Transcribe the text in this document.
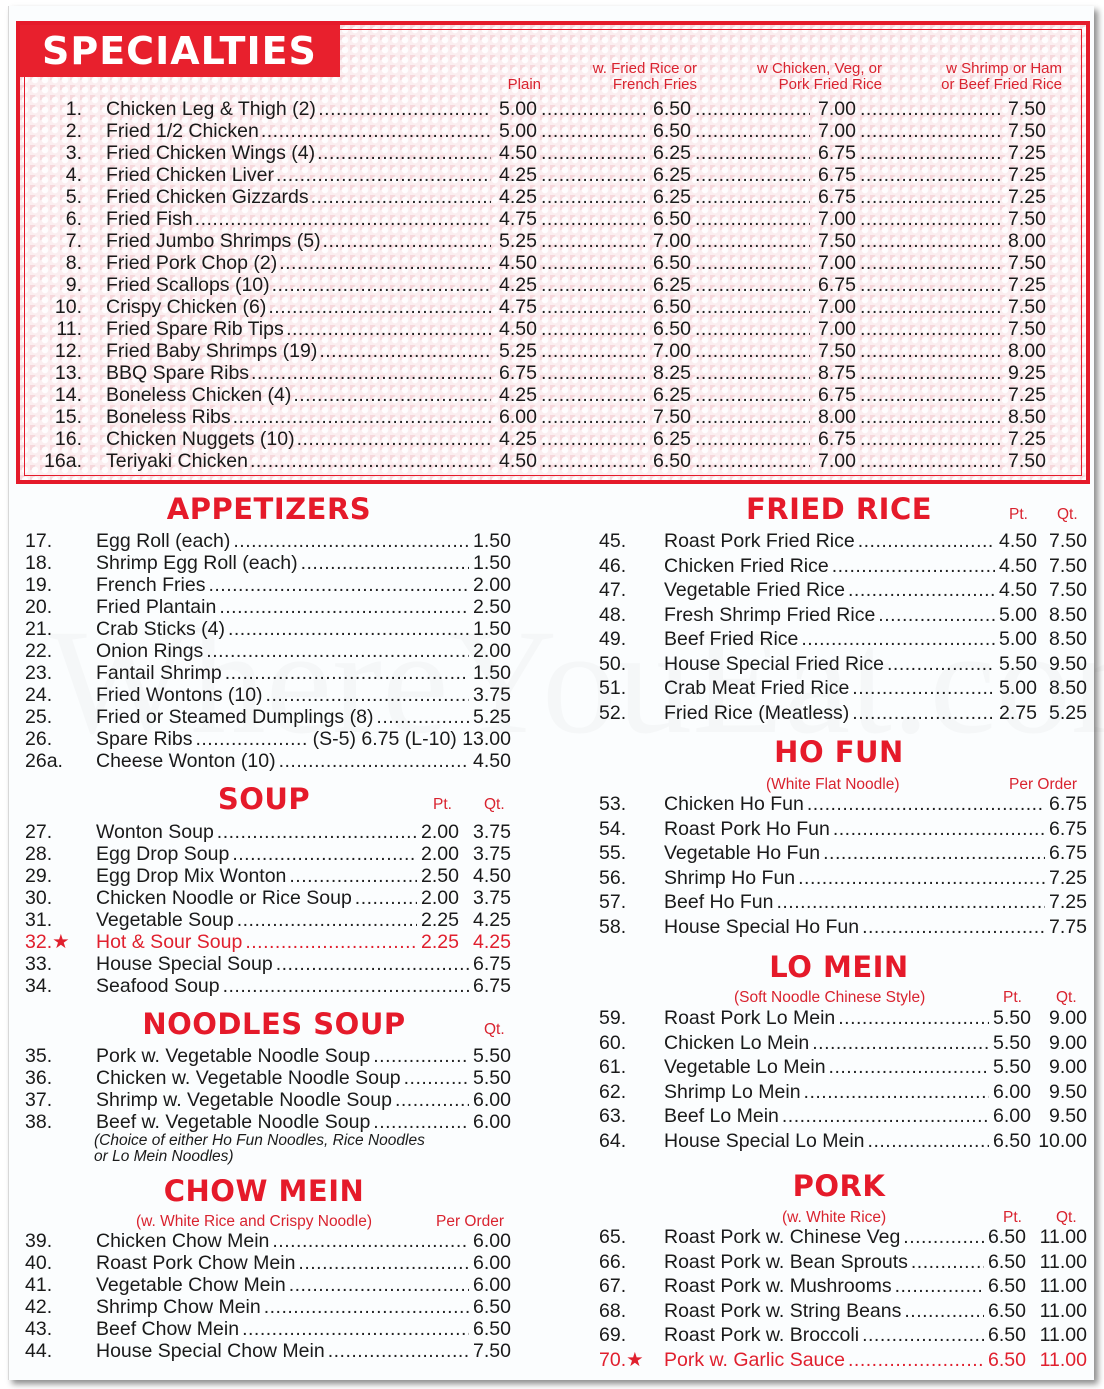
SPECIALTIES
Plain
w. Fried Rice or
French Fries
w Chicken, Veg, or
Pork Fried Rice
w Shrimp or Ham
or Beef Fried Rice
1. Chicken Leg & Thigh (2) .....	5.00 .....	6.50 .....	7.00 .....	7.50
2. Fried 1/2 Chicken .....	5.00 .....	6.50 .....	7.00 .....	7.50
3. Fried Chicken Wings (4) .....	4.50 .....	6.25 .....	6.75 .....	7.25
4. Fried Chicken Liver .....	4.25 .....	6.25 .....	6.75 .....	7.25
5. Fried Chicken Gizzards .....	4.25 .....	6.25 .....	6.75 .....	7.25
6. Fried Fish .....	4.75 .....	6.50 .....	7.00 .....	7.50
7. Fried Jumbo Shrimps (5) .....	5.25 .....	7.00 .....	7.50 .....	8.00
8. Fried Pork Chop (2) .....	4.50 .....	6.50 .....	7.00 .....	7.50
9. Fried Scallops (10) .....	4.25 .....	6.25 .....	6.75 .....	7.25
10. Crispy Chicken (6) .....	4.75 .....	6.50 .....	7.00 .....	7.50
11. Fried Spare Rib Tips .....	4.50 .....	6.50 .....	7.00 .....	7.50
12. Fried Baby Shrimps (19) .....	5.25 .....	7.00 .....	7.50 .....	8.00
13. BBQ Spare Ribs .....	6.75 .....	8.25 .....	8.75 .....	9.25
14. Boneless Chicken (4) .....	4.25 .....	6.25 .....	6.75 .....	7.25
15. Boneless Ribs .....	6.00 .....	7.50 .....	8.00 .....	8.50
16. Chicken Nuggets (10) .....	4.25 .....	6.25 .....	6.75 .....	7.25
16a. Teriyaki Chicken .....	4.50 .....	6.50 .....	7.00 .....	7.50
APPETIZERS
17. Egg Roll (each) .....	1.50
18. Shrimp Egg Roll (each) .....	1.50
19. French Fries .....	2.00
20. Fried Plantain .....	2.50
21. Crab Sticks (4) .....	1.50
22. Onion Rings .....	2.00
23. Fantail Shrimp .....	1.50
24. Fried Wontons (10) .....	3.75
25. Fried or Steamed Dumplings (8) .....	5.25
26. Spare Ribs .....	(S-5) 6.75 (L-10) 13.00
26a. Cheese Wonton (10) .....	4.50
SOUP	Pt. Qt.
27. Wonton Soup .....	2.00 3.75
28. Egg Drop Soup .....	2.00 3.75
29. Egg Drop Mix Wonton .....	2.50 4.50
30. Chicken Noodle or Rice Soup .....	2.00 3.75
31. Vegetable Soup .....	2.25 4.25
32.★ Hot & Sour Soup .....	2.25 4.25
33. House Special Soup .....	6.75
34. Seafood Soup .....	6.75
NOODLES SOUP	Qt.
35. Pork w. Vegetable Noodle Soup .....	5.50
36. Chicken w. Vegetable Noodle Soup .....	5.50
37. Shrimp w. Vegetable Noodle Soup .....	6.00
38. Beef w. Vegetable Noodle Soup .....	6.00
(Choice of either Ho Fun Noodles, Rice Noodles
or Lo Mein Noodles)
CHOW MEIN
(w. White Rice and Crispy Noodle)	Per Order
39. Chicken Chow Mein .....	6.00
40. Roast Pork Chow Mein .....	6.00
41. Vegetable Chow Mein .....	6.00
42. Shrimp Chow Mein .....	6.50
43. Beef Chow Mein .....	6.50
44. House Special Chow Mein .....	7.50
FRIED RICE	Pt. Qt.
45. Roast Pork Fried Rice .....	4.50 7.50
46. Chicken Fried Rice .....	4.50 7.50
47. Vegetable Fried Rice .....	4.50 7.50
48. Fresh Shrimp Fried Rice .....	5.00 8.50
49. Beef Fried Rice .....	5.00 8.50
50. House Special Fried Rice .....	5.50 9.50
51. Crab Meat Fried Rice .....	5.00 8.50
52. Fried Rice (Meatless) .....	2.75 5.25
HO FUN
(White Flat Noodle)	Per Order
53. Chicken Ho Fun .....	6.75
54. Roast Pork Ho Fun .....	6.75
55. Vegetable Ho Fun .....	6.75
56. Shrimp Ho Fun .....	7.25
57. Beef Ho Fun .....	7.25
58. House Special Ho Fun .....	7.75
LO MEIN
(Soft Noodle Chinese Style)	Pt. Qt.
59. Roast Pork Lo Mein .....	5.50 9.00
60. Chicken Lo Mein .....	5.50 9.00
61. Vegetable Lo Mein .....	5.50 9.00
62. Shrimp Lo Mein .....	6.00 9.50
63. Beef Lo Mein .....	6.00 9.50
64. House Special Lo Mein .....	6.50 10.00
PORK
(w. White Rice)	Pt. Qt.
65. Roast Pork w. Chinese Veg .....	6.50 11.00
66. Roast Pork w. Bean Sprouts .....	6.50 11.00
67. Roast Pork w. Mushrooms .....	6.50 11.00
68. Roast Pork w. String Beans .....	6.50 11.00
69. Roast Pork w. Broccoli .....	6.50 11.00
70.★ Pork w. Garlic Sauce .....	6.50 11.00
